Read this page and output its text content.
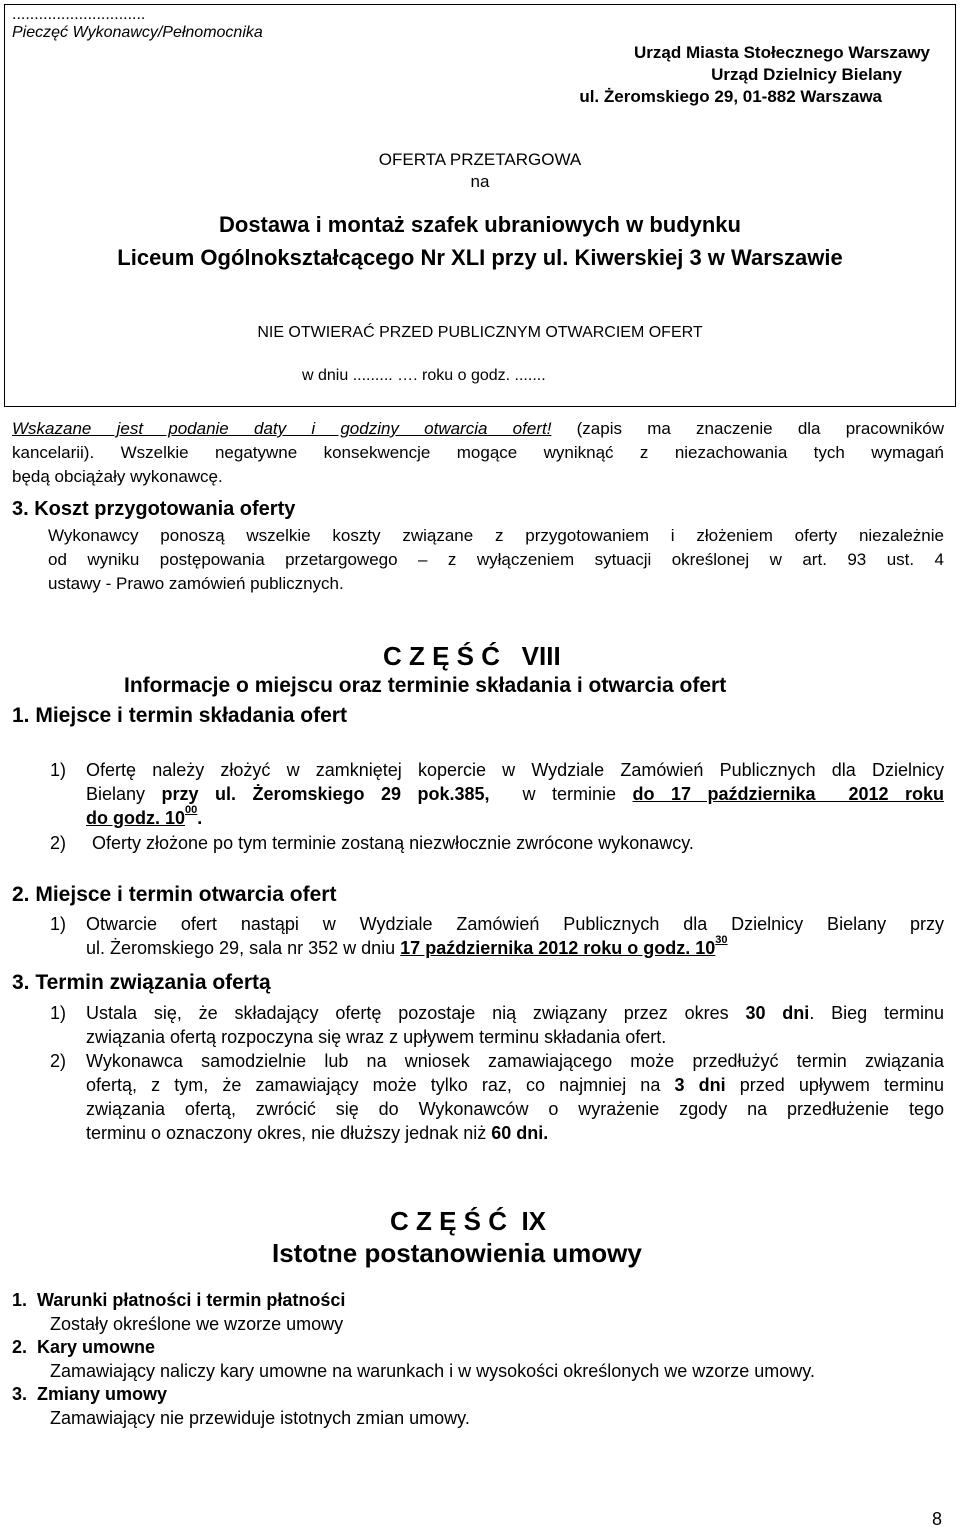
..............................
Pieczęć Wykonawcy/Pełnomocnika
Urząd Miasta Stołecznego Warszawy
Urząd Dzielnicy Bielany
ul. Żeromskiego 29, 01-882 Warszawa
OFERTA PRZETARGOWA
na
Dostawa i montaż szafek ubraniowych w budynku
Liceum Ogólnokształcącego Nr XLI przy ul. Kiwerskiej 3 w Warszawie
NIE OTWIERAĆ PRZED PUBLICZNYM OTWARCIEM OFERT
w dniu ......... …. roku o godz. .......
Wskazane jest podanie daty i godziny otwarcia ofert! (zapis ma znaczenie dla pracowników
kancelarii). Wszelkie negatywne konsekwencje mogące wyniknąć z niezachowania tych wymagań
będą obciążały wykonawcę.
3. Koszt przygotowania oferty
Wykonawcy ponoszą wszelkie koszty związane z przygotowaniem i złożeniem oferty niezależnie
od wyniku postępowania przetargowego – z wyłączeniem sytuacji określonej w art. 93 ust. 4
ustawy - Prawo zamówień publicznych.
C Z Ę Ś Ć   VIII
Informacje o miejscu oraz terminie składania i otwarcia ofert
1. Miejsce i termin składania ofert
1) Ofertę należy złożyć w zamkniętej kopercie w Wydziale Zamówień Publicznych dla Dzielnicy
Bielany przy ul. Żeromskiego 29 pok.385,  w terminie do 17 października  2012 roku
do godz. $10^{00}$.
2) Oferty złożone po tym terminie zostaną niezwłocznie zwrócone wykonawcy.
2. Miejsce i termin otwarcia ofert
1) Otwarcie ofert nastąpi w Wydziale Zamówień Publicznych dla Dzielnicy Bielany przy
ul. Żeromskiego 29, sala nr 352 w dniu 17 października 2012 roku o godz. $10^{30}$
3. Termin związania ofertą
1) Ustala się, że składający ofertę pozostaje nią związany przez okres 30 dni. Bieg terminu
związania ofertą rozpoczyna się wraz z upływem terminu składania ofert.
2) Wykonawca samodzielnie lub na wniosek zamawiającego może przedłużyć termin związania
ofertą, z tym, że zamawiający może tylko raz, co najmniej na 3 dni przed upływem terminu
związania ofertą, zwrócić się do Wykonawców o wyrażenie zgody na przedłużenie tego
terminu o oznaczony okres, nie dłuższy jednak niż 60 dni.
C Z Ę Ś Ć  IX
Istotne postanowienia umowy
1.  Warunki płatności i termin płatności
Zostały określone we wzorze umowy
2.  Kary umowne
Zamawiający naliczy kary umowne na warunkach i w wysokości określonych we wzorze umowy.
3.  Zmiany umowy
Zamawiający nie przewiduje istotnych zmian umowy.
8
